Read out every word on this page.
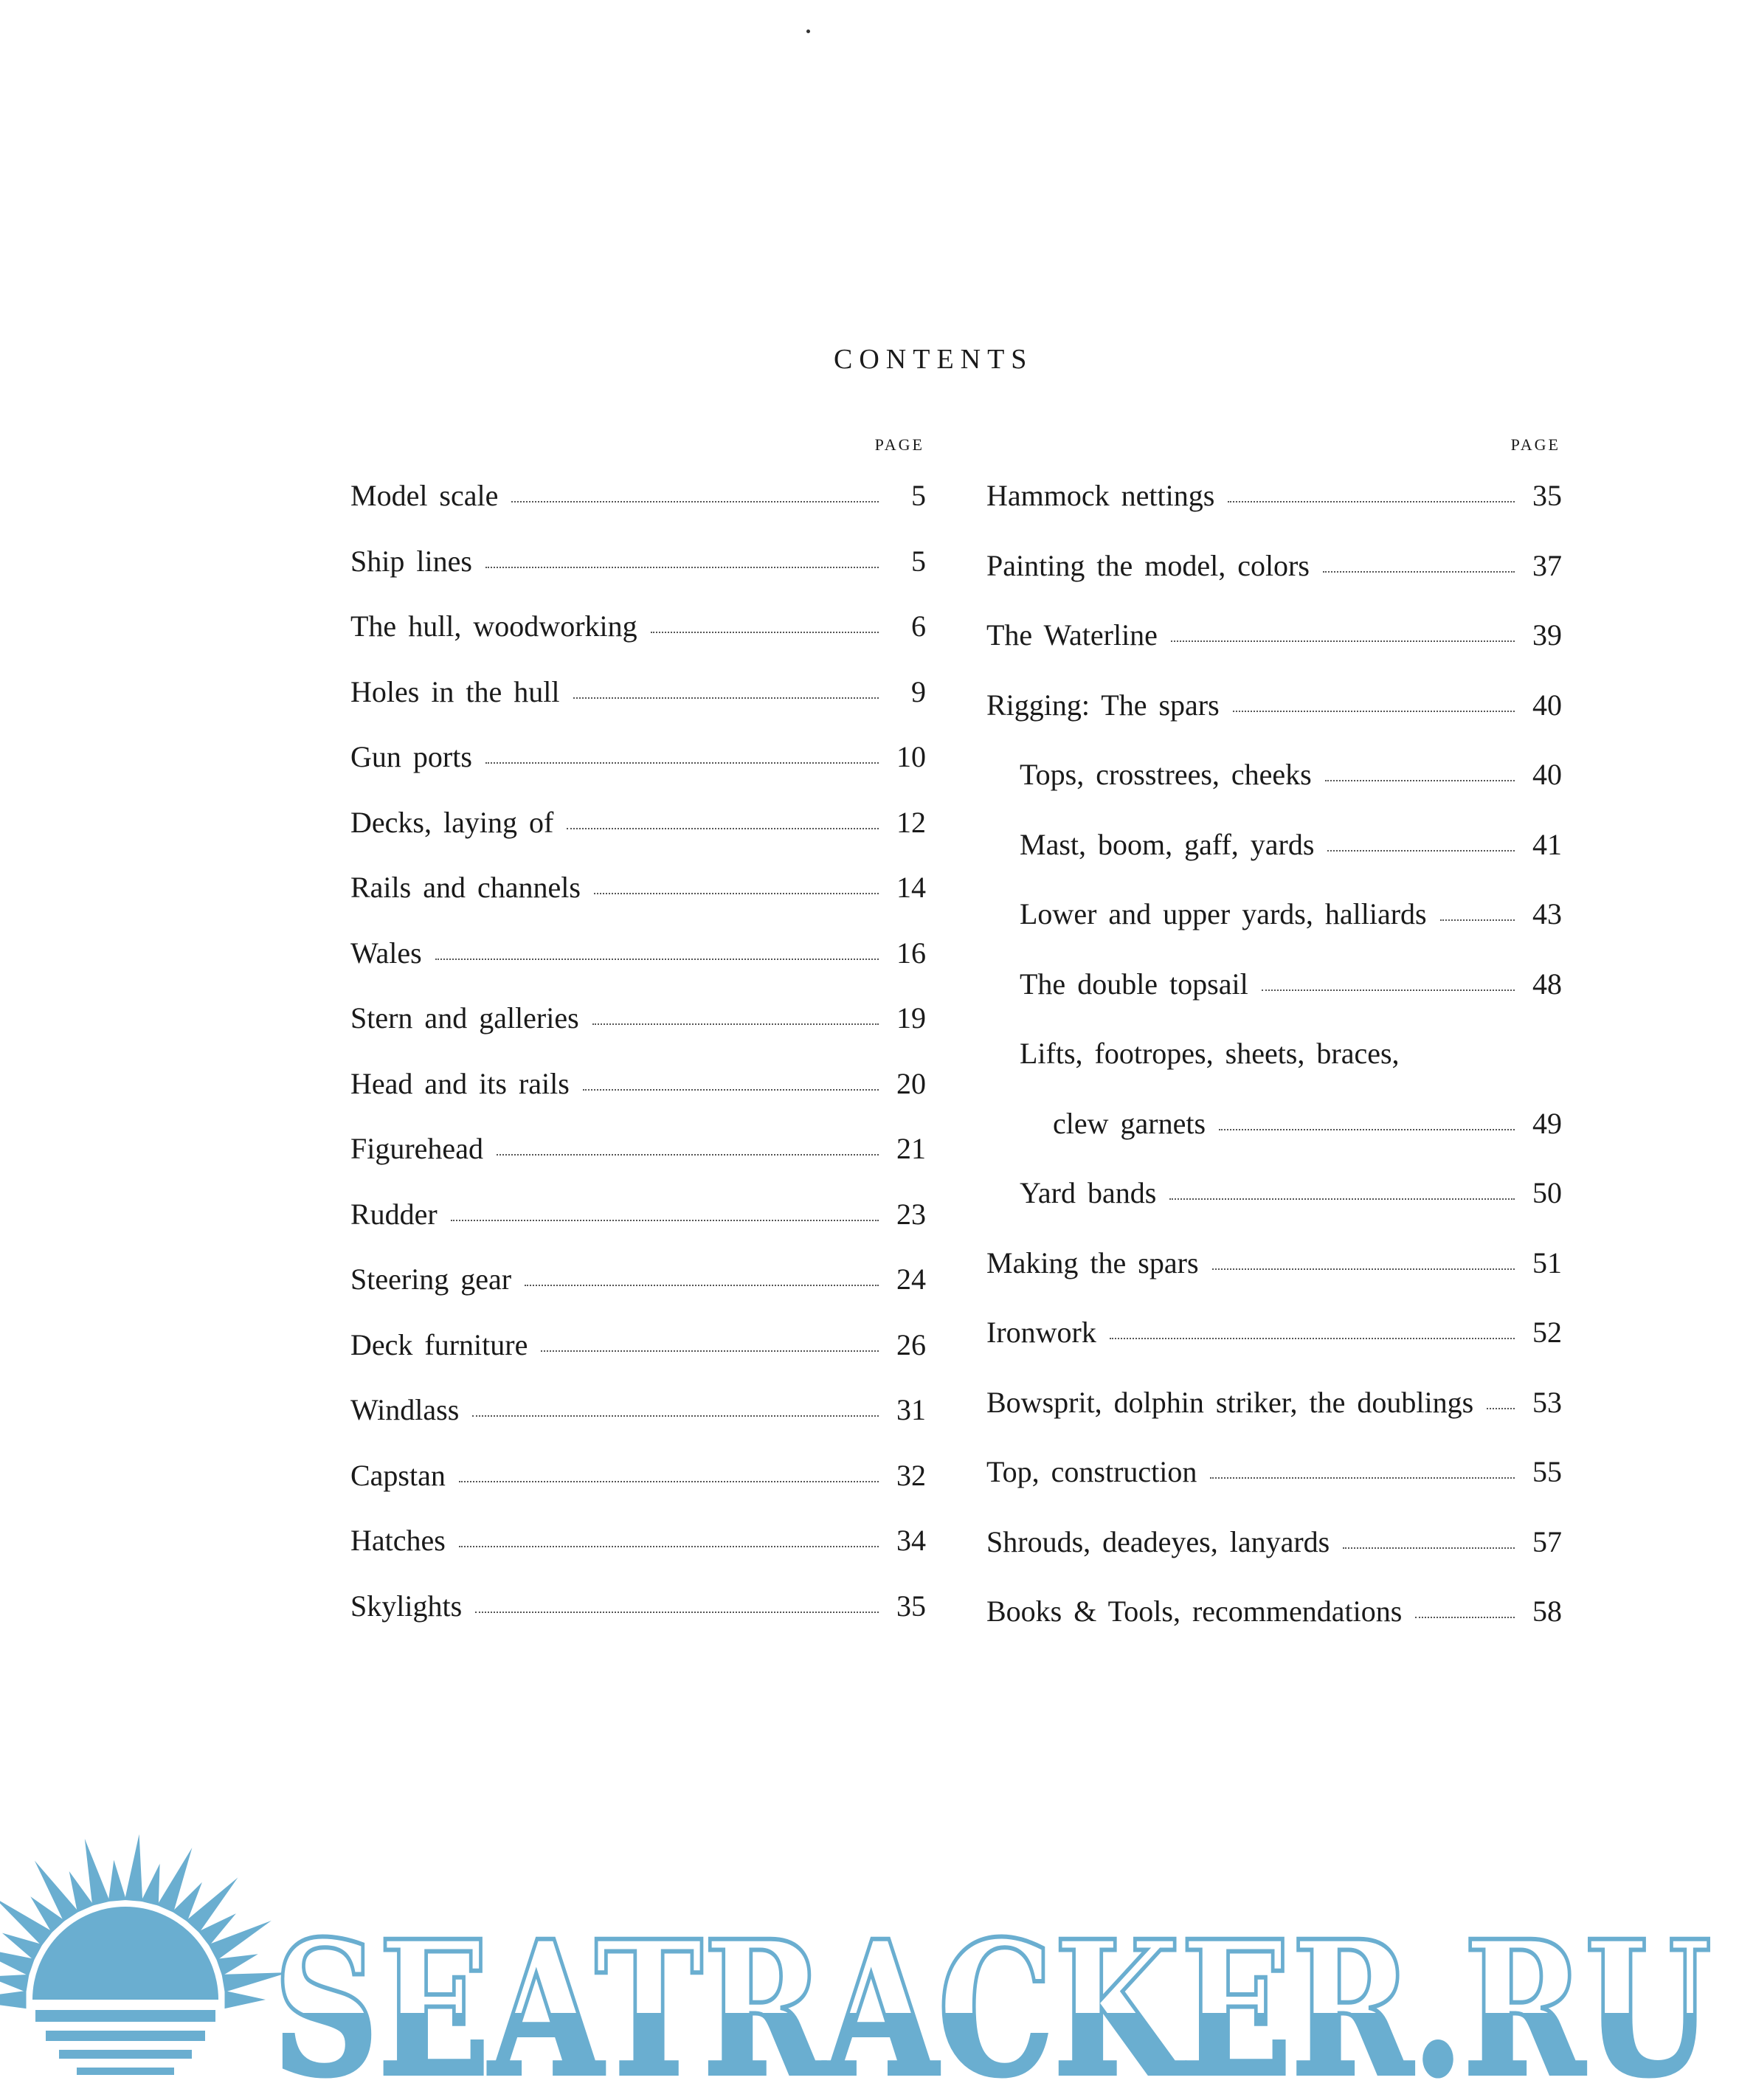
CONTENTS
PAGE
Model scale	5
Ship lines	5
The hull, woodworking	6
Holes in the hull	9
Gun ports	10
Decks, laying of	12
Rails and channels	14
Wales	16
Stern and galleries	19
Head and its rails	20
Figurehead	21
Rudder	23
Steering gear	24
Deck furniture	26
Windlass	31
Capstan	32
Hatches	34
Skylights	35
PAGE
Hammock nettings	35
Painting the model, colors	37
The Waterline	39
Rigging: The spars	40
Tops, crosstrees, cheeks	40
Mast, boom, gaff, yards	41
Lower and upper yards, halliards	43
The double topsail	48
Lifts, footropes, sheets, braces,
clew garnets	49
Yard bands	50
Making the spars	51
Ironwork	52
Bowsprit, dolphin striker, the doublings 53
Top, construction	55
Shrouds, deadeyes, lanyards	57
Books & Tools, recommendations	58
SEATRACKER.RU
